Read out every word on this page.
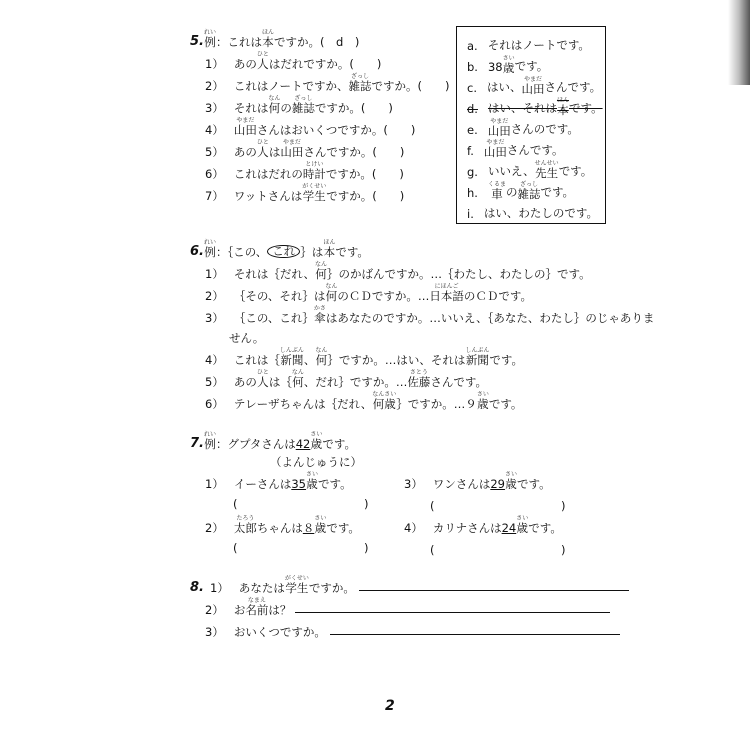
5 .
れい
例 ：これは
ほん
本 ですか。(　d　)
1） あの
ひと
人 はだれですか。(　　)
2） これはノートですか、
ざっし
雑誌 ですか。(　　)
3） それは
なん
何 の
ざっし
雑誌 ですか。(　　)
4）
やまだ
山田 さんはおいくつですか。(　　)
5） あの
ひと
人 は
やまだ
山田 さんですか。(　　)
6） これはだれの
とけい
時計 ですか。(　　)
7） ワットさんは
がくせい
学生 ですか。(　　)
a. それはノートです。
b. 38
さい
歳 です。
c. はい、
やまだ
山田 さんです。
d. はい、それは
ほん
本 です。
e.
やまだ
山田 さんのです。
f.
やまだ
山田 さんです。
g. いいえ、
せんせい
先生 です。
h.
くるま
車 の
ざっし
雑誌 です。
i. はい、わたしのです。
6 .
れい
例 ：｛この、 これ ｝は
ほん
本 です。
1） それは｛だれ、
なん
何 ｝のかばんですか。…｛わたし、わたしの｝です。
2） ｛その、それ｝は
なん
何 のＣＤですか。…
にほんご
日本語 のＣＤです。
3） ｛この、これ｝
かさ
傘 はあなたのですか。…いいえ、｛あなた、わたし｝のじゃありま
せん。
4） これは｛
しんぶん
新聞 、
なん
何 ｝ですか。…はい、それは
しんぶん
新聞 です。
5） あの
ひと
人 は｛
なん
何 、だれ｝ですか。…
さとう
佐藤 さんです。
6） テレーザちゃんは｛だれ、
なんさい
何歳 ｝ですか。…９
さい
歳 です。
7 .
れい
例 ：グプタさんは 42
さい
歳 です。
（よんじゅうに）
1） イーさんは 35
さい
歳 です。
(　　　　　　　　　　　)
2）
たろう
太郎 ちゃんは ８
さい
歳 です。
(　　　　　　　　　　　)
3） ワンさんは 29
さい
歳 です。
(　　　　　　　　　　　)
4） カリナさんは 24
さい
歳 です。
(　　　　　　　　　　　)
8 . 1） あなたは
がくせい
学生 ですか。
2） お
なまえ
名前 は？
3） おいくつですか。
2
